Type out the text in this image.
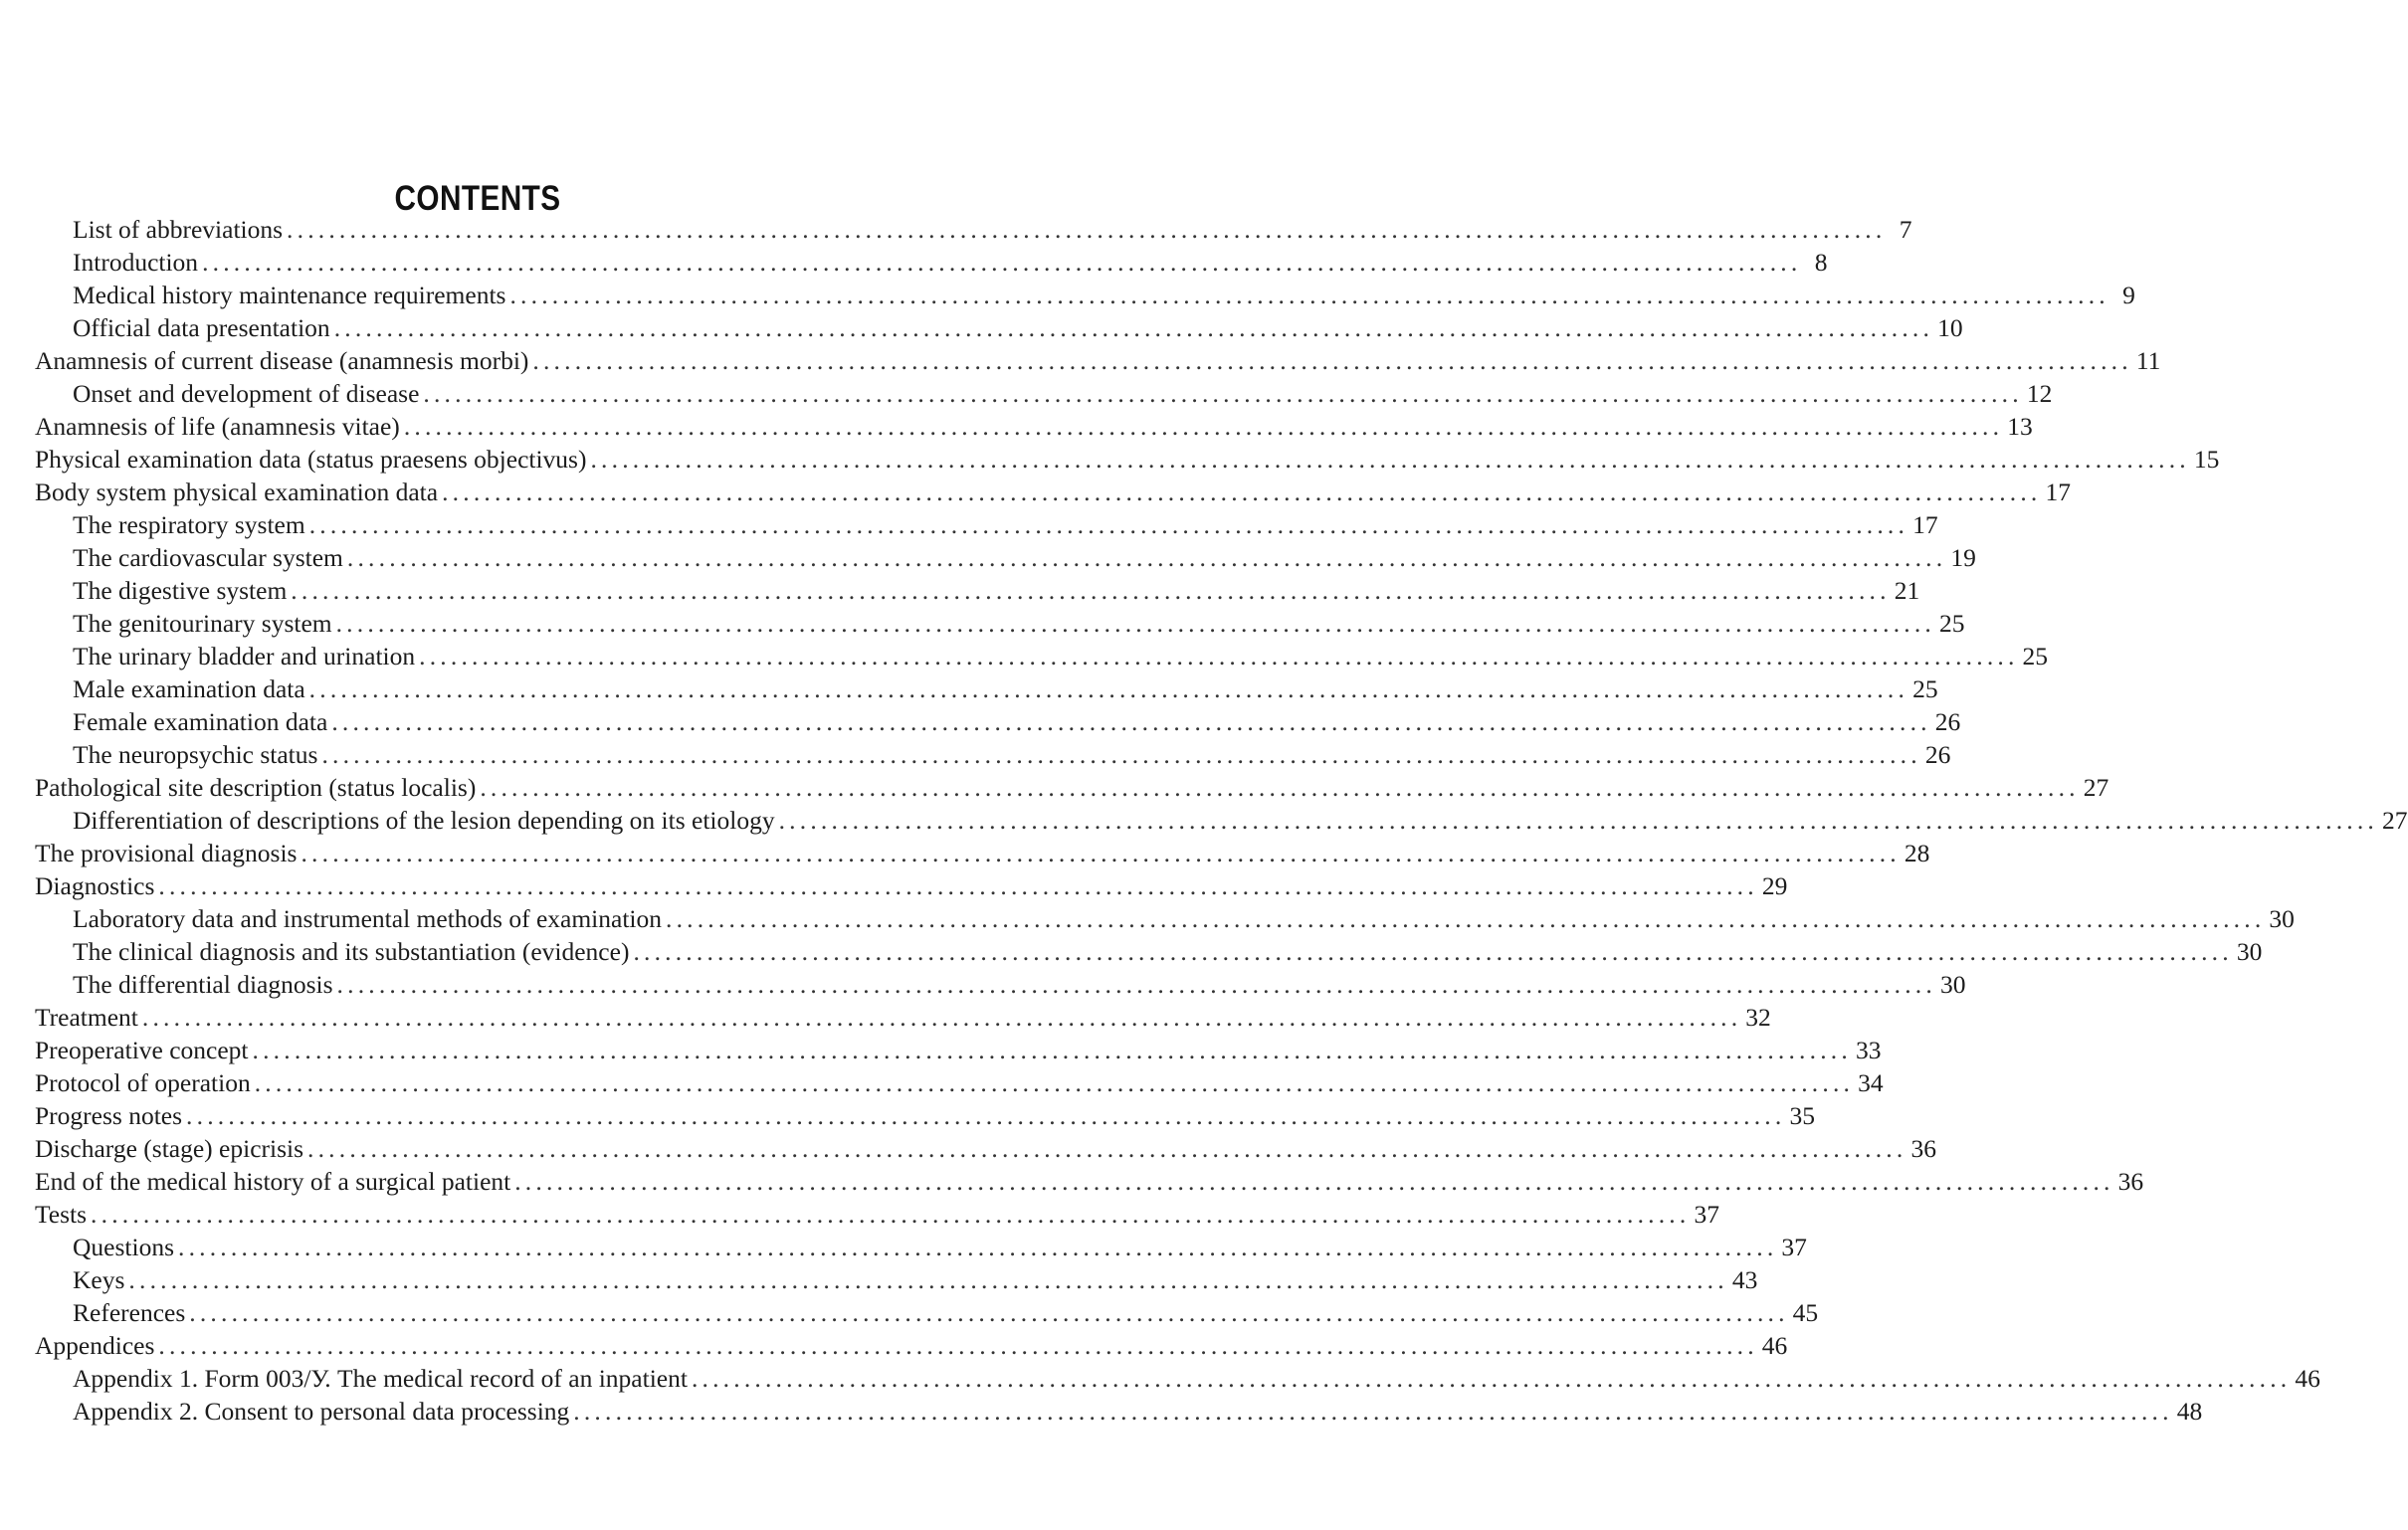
CONTENTS
List of abbreviations ........................................................................................................................................................ 7
Introduction ........................................................................................................................................................ 8
Medical history maintenance requirements ........................................................................................................................................................ 9
Official data presentation ........................................................................................................................................................ 10
Anamnesis of current disease (anamnesis morbi) ........................................................................................................................................................ 11
Onset and development of disease ........................................................................................................................................................ 12
Anamnesis of life (anamnesis vitae) ........................................................................................................................................................ 13
Physical examination data (status praesens objectivus) ........................................................................................................................................................ 15
Body system physical examination data ........................................................................................................................................................ 17
The respiratory system ........................................................................................................................................................ 17
The cardiovascular system ........................................................................................................................................................ 19
The digestive system ........................................................................................................................................................ 21
The genitourinary system ........................................................................................................................................................ 25
The urinary bladder and urination ........................................................................................................................................................ 25
Male examination data ........................................................................................................................................................ 25
Female examination data ........................................................................................................................................................ 26
The neuropsychic status ........................................................................................................................................................ 26
Pathological site description (status localis) ........................................................................................................................................................ 27
Differentiation of descriptions of the lesion depending on its etiology ........................................................................................................................................................ 27
The provisional diagnosis ........................................................................................................................................................ 28
Diagnostics ........................................................................................................................................................ 29
Laboratory data and instrumental methods of examination ........................................................................................................................................................ 30
The clinical diagnosis and its substantiation (evidence) ........................................................................................................................................................ 30
The differential diagnosis ........................................................................................................................................................ 30
Treatment ........................................................................................................................................................ 32
Preoperative concept ........................................................................................................................................................ 33
Protocol of operation ........................................................................................................................................................ 34
Progress notes ........................................................................................................................................................ 35
Discharge (stage) epicrisis ........................................................................................................................................................ 36
End of the medical history of a surgical patient ........................................................................................................................................................ 36
Tests ........................................................................................................................................................ 37
Questions ........................................................................................................................................................ 37
Keys ........................................................................................................................................................ 43
References ........................................................................................................................................................ 45
Appendices ........................................................................................................................................................ 46
Appendix 1. Form 003/У. The medical record of an inpatient ........................................................................................................................................................ 46
Appendix 2. Consent to personal data processing ........................................................................................................................................................ 48
